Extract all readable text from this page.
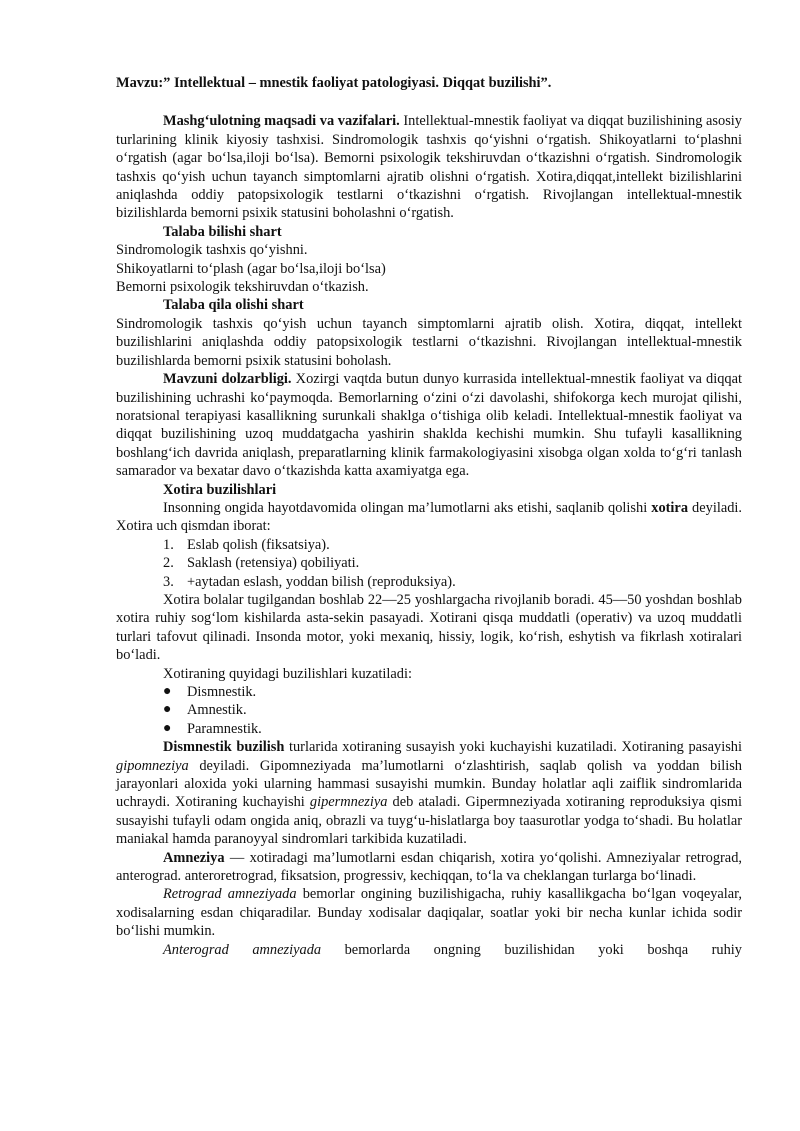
Mavzu:” Intellektual – mnestik faoliyat patologiyasi. Diqqat buzilishi”.

Mashg‘ulotning maqsadi va vazifalari. Intellektual-mnestik faoliyat va diqqat buzilishining asosiy turlarining klinik kiyosiy tashxisi. Sindromologik tashxis qo‘yishni o‘rgatish. Shikoyatlarni to‘plashni o‘rgatish (agar bo‘lsa,iloji bo‘lsa). Bemorni psixologik tekshiruvdan o‘tkazishni o‘rgatish. Sindromologik tashxis qo‘yish uchun tayanch simptomlarni ajratib olishni o‘rgatish. Xotira,diqqat,intellekt bizilishlarini aniqlashda oddiy patopsixologik testlarni o‘tkazishni o‘rgatish. Rivojlangan intellektual-mnestik bizilishlarda bemorni psixik statusini boholashni o‘rgatish.

Talaba bilishi shart

Sindromologik tashxis qo‘yishni.

Shikoyatlarni to‘plash (agar bo‘lsa,iloji bo‘lsa)

Bemorni psixologik tekshiruvdan o‘tkazish.

Talaba qila olishi shart

Sindromologik tashxis qo‘yish uchun tayanch simptomlarni ajratib olish. Xotira, diqqat, intellekt buzilishlarini aniqlashda oddiy patopsixologik testlarni o‘tkazishni. Rivojlangan intellektual-mnestik buzilishlarda bemorni psixik statusini boholash.

Mavzuni dolzarbligi. Xozirgi vaqtda butun dunyo kurrasida intellektual-mnestik faoliyat va diqqat buzilishining uchrashi ko‘paymoqda. Bemorlarning o‘zini o‘zi davolashi, shifokorga kech murojat qilishi, noratsional terapiyasi kasallikning surunkali shaklga o‘tishiga olib keladi. Intellektual-mnestik faoliyat va diqqat buzilishining uzoq muddatgacha yashirin shaklda kechishi mumkin. Shu tufayli kasallikning boshlang‘ich davrida aniqlash, preparatlarning klinik farmakologiyasini xisobga olgan xolda to‘g‘ri tanlash samarador va bexatar davo o‘tkazishda katta axamiyatga ega.

Xotira buzilishlari

Insonning ongida hayotdavomida olingan ma’lumotlarni aks etishi, saqlanib qolishi xotira deyiladi. Xotira uch qismdan iborat:

1. Eslab qolish (fiksatsiya).
2. Saklash (retensiya) qobiliyati.
3. +aytadan eslash, yoddan bilish (reproduksiya).

Xotira bolalar tugilgandan boshlab 22—25 yoshlargacha rivojlanib boradi. 45—50 yoshdan boshlab xotira ruhiy sog‘lom kishilarda asta-sekin pasayadi. Xotirani qisqa muddatli (operativ) va uzoq muddatli turlari tafovut qilinadi. Insonda motor, yoki mexaniq, hissiy, logik, ko‘rish, eshytish va fikrlash xotiralari bo‘ladi.

Xotiraning quyidagi buzilishlari kuzatiladi:

● Dismnestik.
● Amnestik.
● Paramnestik.

Dismnestik buzilish turlarida xotiraning susayish yoki kuchayishi kuzatiladi. Xotiraning pasayishi gipomneziya deyiladi. Gipomneziyada ma’lumotlarni o‘zlashtirish, saqlab qolish va yoddan bilish jarayonlari aloxida yoki ularning hammasi susayishi mumkin. Bunday holatlar aqli zaiflik sindromlarida uchraydi. Xotiraning kuchayishi gipermneziya deb ataladi. Gipermneziyada xotiraning reproduksiya qismi susayishi tufayli odam ongida aniq, obrazli va tuyg‘u-hislatlarga boy taasurotlar yodga to‘shadi. Bu holatlar maniakal hamda paranoyyal sindromlari tarkibida kuzatiladi.

Amneziya — xotiradagi ma’lumotlarni esdan chiqarish, xotira yo‘qolishi. Amneziyalar retrograd, anterograd. anteroretrograd, fiksatsion, progressiv, kechiqqan, to‘la va cheklangan turlarga bo‘linadi.

Retrograd amneziyada bemorlar ongining buzilishigacha, ruhiy kasallikgacha bo‘lgan voqeyalar, xodisalarning esdan chiqaradilar. Bunday xodisalar daqiqalar, soatlar yoki bir necha kunlar ichida sodir bo‘lishi mumkin.

Anterograd amneziyada bemorlarda ongning buzilishidan yoki boshqa ruhiy
